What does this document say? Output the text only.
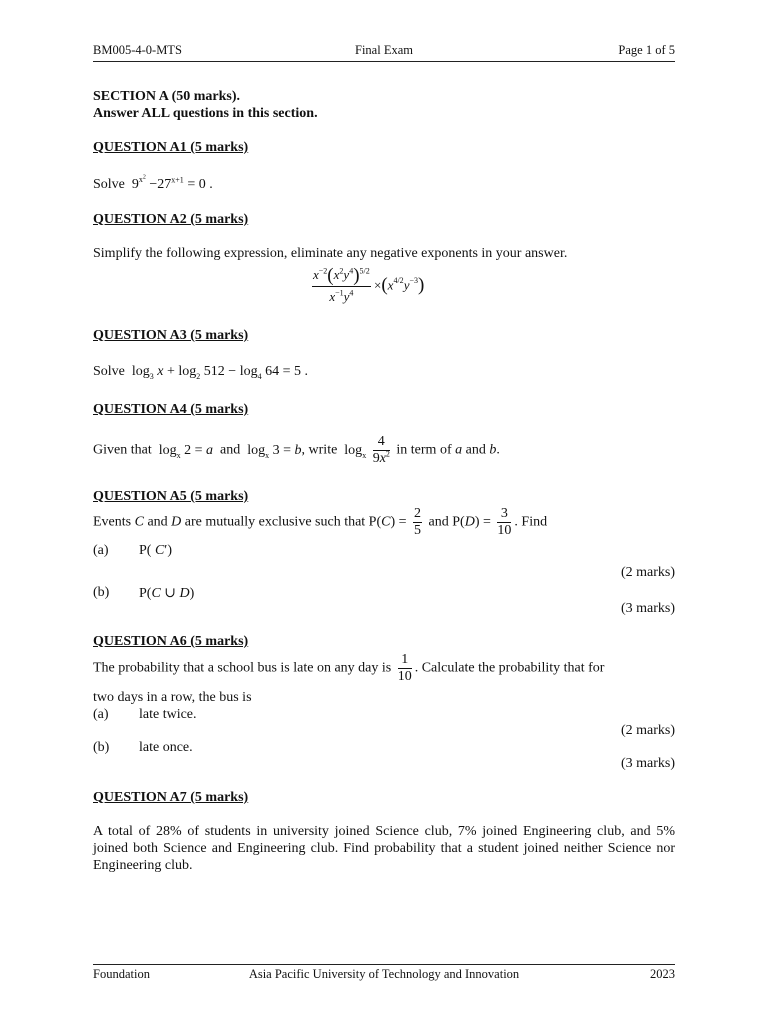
BM005-4-0-MTS	Final Exam	Page 1 of 5
SECTION A (50 marks).
Answer ALL questions in this section.
QUESTION A1 (5 marks)
Solve  $9^{x^2} -27^{x+1} = 0$ .
QUESTION A2 (5 marks)
Simplify the following expression, eliminate any negative exponents in your answer.
$\frac{x^{-2}(x^2y^4)^{5/2}}{x^{-1}y^4} \times(x^{4/2}y^{-3})$
QUESTION A3 (5 marks)
Solve  $\log_3 x + \log_2 512 - \log_4 64 = 5$ .
QUESTION A4 (5 marks)
Given that  $\log_x 2 = a$ and  $\log_x 3 = b$, write  $\log_x \frac{4}{9x^2}$ in term of a and b.
QUESTION A5 (5 marks)
Events C and D are mutually exclusive such that $P(C) = \frac{2}{5}$ and $P(D) = \frac{3}{10}$ . Find
(a) P( C′)
(2 marks)
(b) P(C ∪ D)
(3 marks)
QUESTION A6 (5 marks)
The probability that a school bus is late on any day is $\frac{1}{10}$ . Calculate the probability that for
two days in a row, the bus is
(a) late twice.
(2 marks)
(b) late once.
(3 marks)
QUESTION A7 (5 marks)
A total of 28% of students in university joined Science club, 7% joined Engineering club, and 5% joined both Science and Engineering club. Find probability that a student joined neither Science nor Engineering club.
Foundation	Asia Pacific University of Technology and Innovation	2023
